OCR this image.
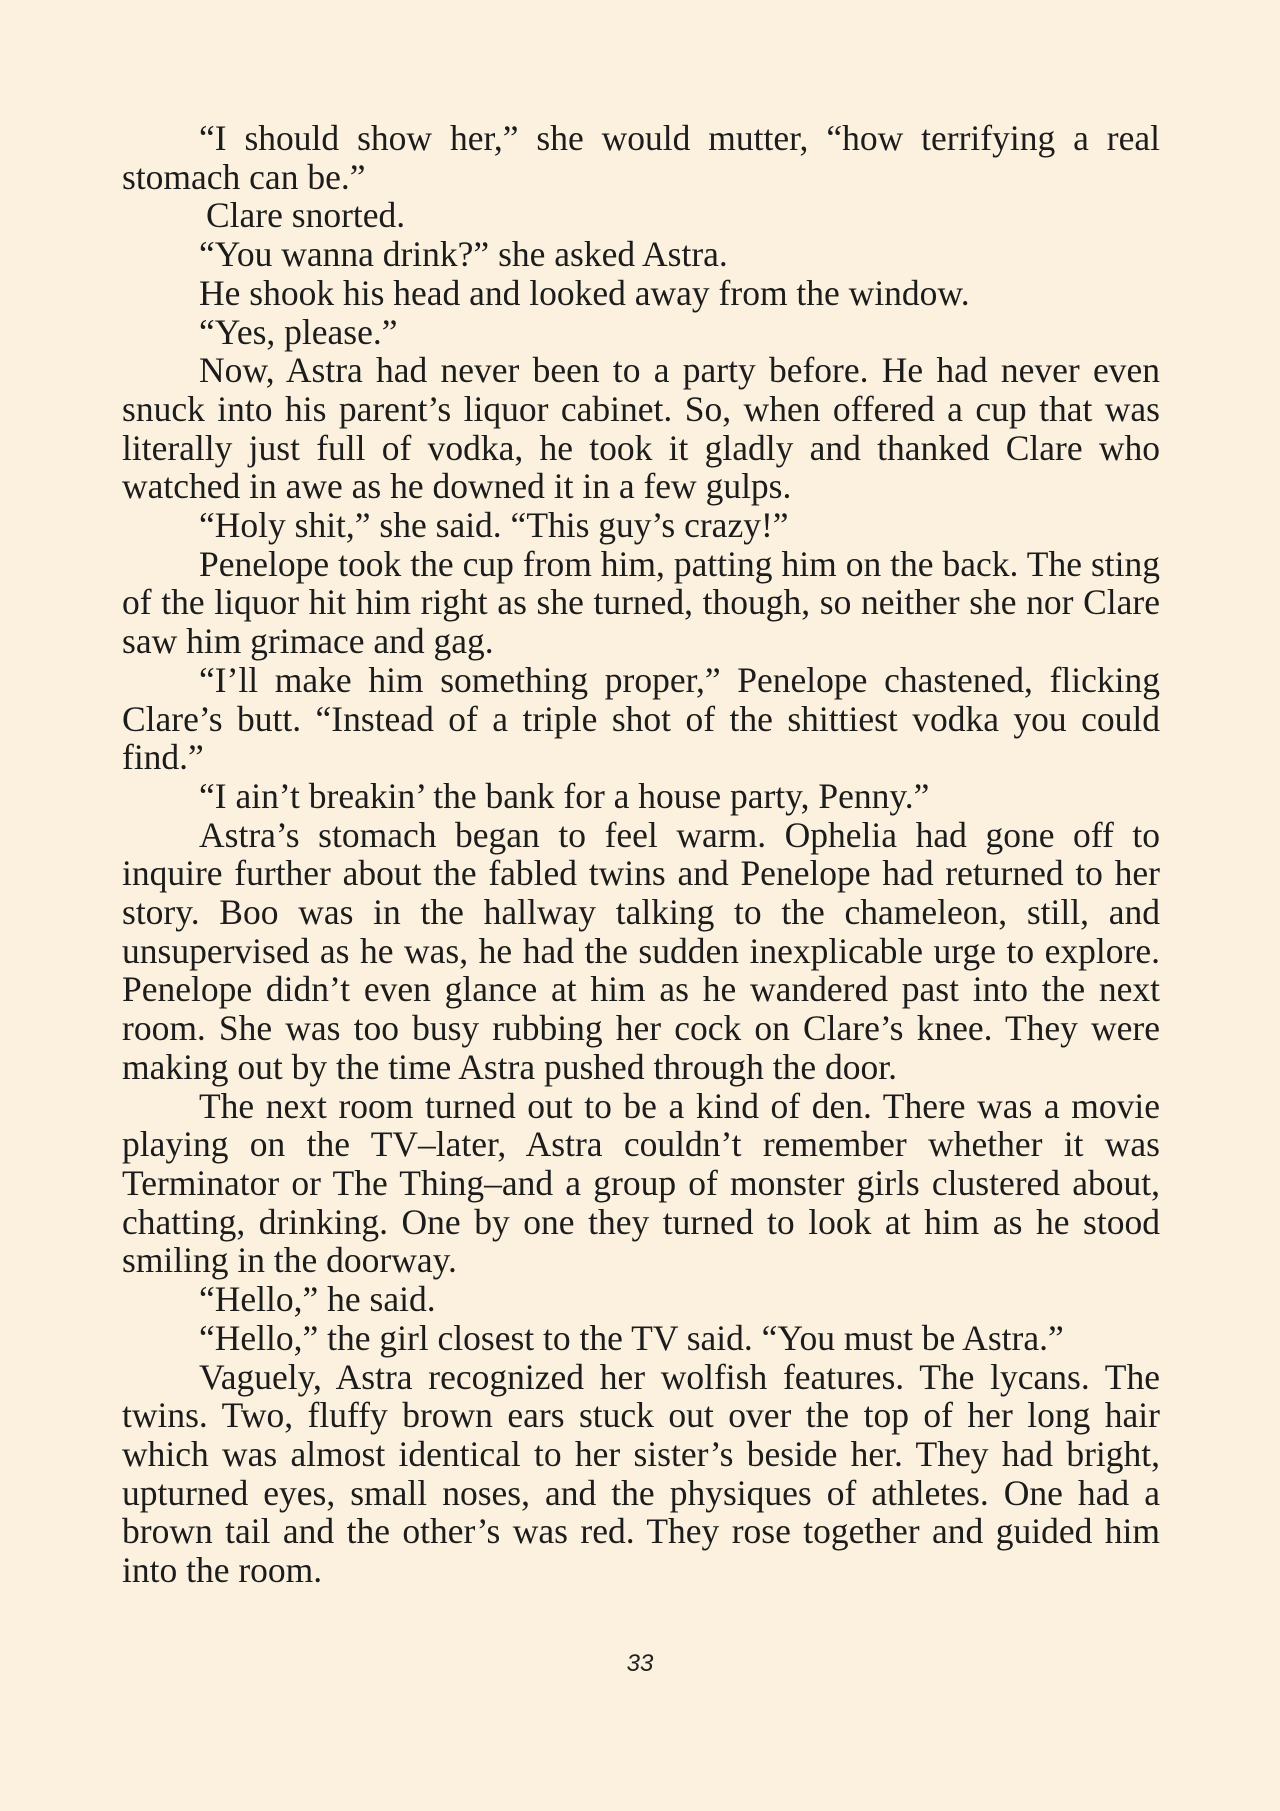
“I should show her,” she would mutter, “how terrifying a real stomach can be.”

Clare snorted.

“You wanna drink?” she asked Astra.

He shook his head and looked away from the window.

“Yes, please.”

Now, Astra had never been to a party before. He had never even snuck into his parent’s liquor cabinet. So, when offered a cup that was literally just full of vodka, he took it gladly and thanked Clare who watched in awe as he downed it in a few gulps.

“Holy shit,” she said. “This guy’s crazy!”

Penelope took the cup from him, patting him on the back. The sting of the liquor hit him right as she turned, though, so neither she nor Clare saw him grimace and gag.

“I’ll make him something proper,” Penelope chastened, flicking Clare’s butt. “Instead of a triple shot of the shittiest vodka you could find.”

“I ain’t breakin’ the bank for a house party, Penny.”

Astra’s stomach began to feel warm. Ophelia had gone off to inquire further about the fabled twins and Penelope had returned to her story. Boo was in the hallway talking to the chameleon, still, and unsupervised as he was, he had the sudden inexplicable urge to explore. Penelope didn’t even glance at him as he wandered past into the next room. She was too busy rubbing her cock on Clare’s knee. They were making out by the time Astra pushed through the door.

The next room turned out to be a kind of den. There was a movie playing on the TV–later, Astra couldn’t remember whether it was Terminator or The Thing–and a group of monster girls clustered about, chatting, drinking. One by one they turned to look at him as he stood smiling in the doorway.

“Hello,” he said.

“Hello,” the girl closest to the TV said. “You must be Astra.”

Vaguely, Astra recognized her wolfish features. The lycans. The twins. Two, fluffy brown ears stuck out over the top of her long hair which was almost identical to her sister’s beside her. They had bright, upturned eyes, small noses, and the physiques of athletes. One had a brown tail and the other’s was red. They rose together and guided him into the room.

33
